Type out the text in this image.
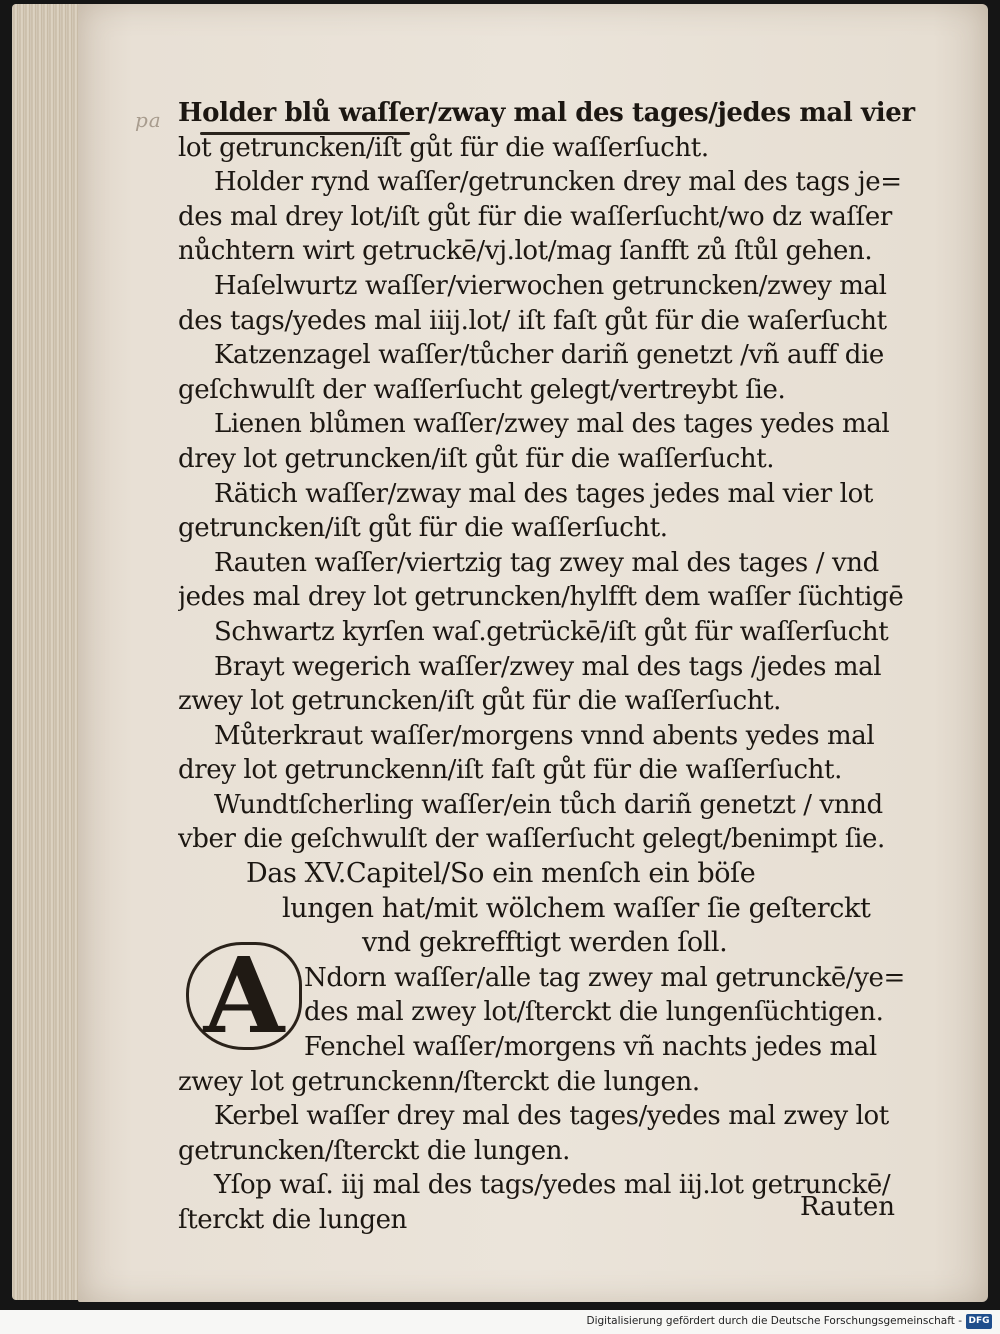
pa Holder blů waſſer/zway mal des tages/jedes mal vier
lot getruncken/iſt gůt für die waſſerſucht.
Holder rynd waſſer/getruncken drey mal des tags je=
des mal drey lot/iſt gůt für die waſſerſucht/wo dz waſſer
nůchtern wirt getruckē/vj.lot/mag ſanfft zů ſtůl gehen.
Haſelwurtz waſſer/vierwochen getruncken/zwey mal
des tags/yedes mal iiij.lot/ iſt faſt gůt für die waſerſucht
Katzenzagel waſſer/tůcher dariñ genetzt /vñ auff die
geſchwulſt der waſſerſucht gelegt/vertreybt ſie.
Lienen blůmen waſſer/zwey mal des tages yedes mal
drey lot getruncken/iſt gůt für die waſſerſucht.
Rätich waſſer/zway mal des tages jedes mal vier lot
getruncken/iſt gůt für die waſſerſucht.
Rauten waſſer/viertzig tag zwey mal des tages / vnd
jedes mal drey lot getruncken/hylfft dem waſſer ſüchtigē
Schwartz kyrſen waſ.getrückē/iſt gůt für waſſerſucht
Brayt wegerich waſſer/zwey mal des tags /jedes mal
zwey lot getruncken/iſt gůt für die waſſerſucht.
Můterkraut waſſer/morgens vnnd abents yedes mal
drey lot getrunckenn/iſt faſt gůt für die waſſerſucht.
Wundtſcherling waſſer/ein tůch dariñ genetzt / vnnd
vber die geſchwulſt der waſſerſucht gelegt/benimpt ſie.
Das XV.Capitel/So ein menſch ein böſe
lungen hat/mit wölchem waſſer ſie geſterckt
vnd gekrefftigt werden ſoll.
Ndorn waſſer/alle tag zwey mal getrunckē/ye=
des mal zwey lot/ſterckt die lungenſüchtigen.
Fenchel waſſer/morgens vñ nachts jedes mal
zwey lot getrunckenn/ſterckt die lungen.
Kerbel waſſer drey mal des tages/yedes mal zwey lot
getruncken/ſterckt die lungen.
Yſop waſ. iij mal des tags/yedes mal iij.lot getrunckē/
ſterckt die lungen
A
Rauten
Digitalisierung gefördert durch die Deutsche Forschungsgemeinschaft - DFG
